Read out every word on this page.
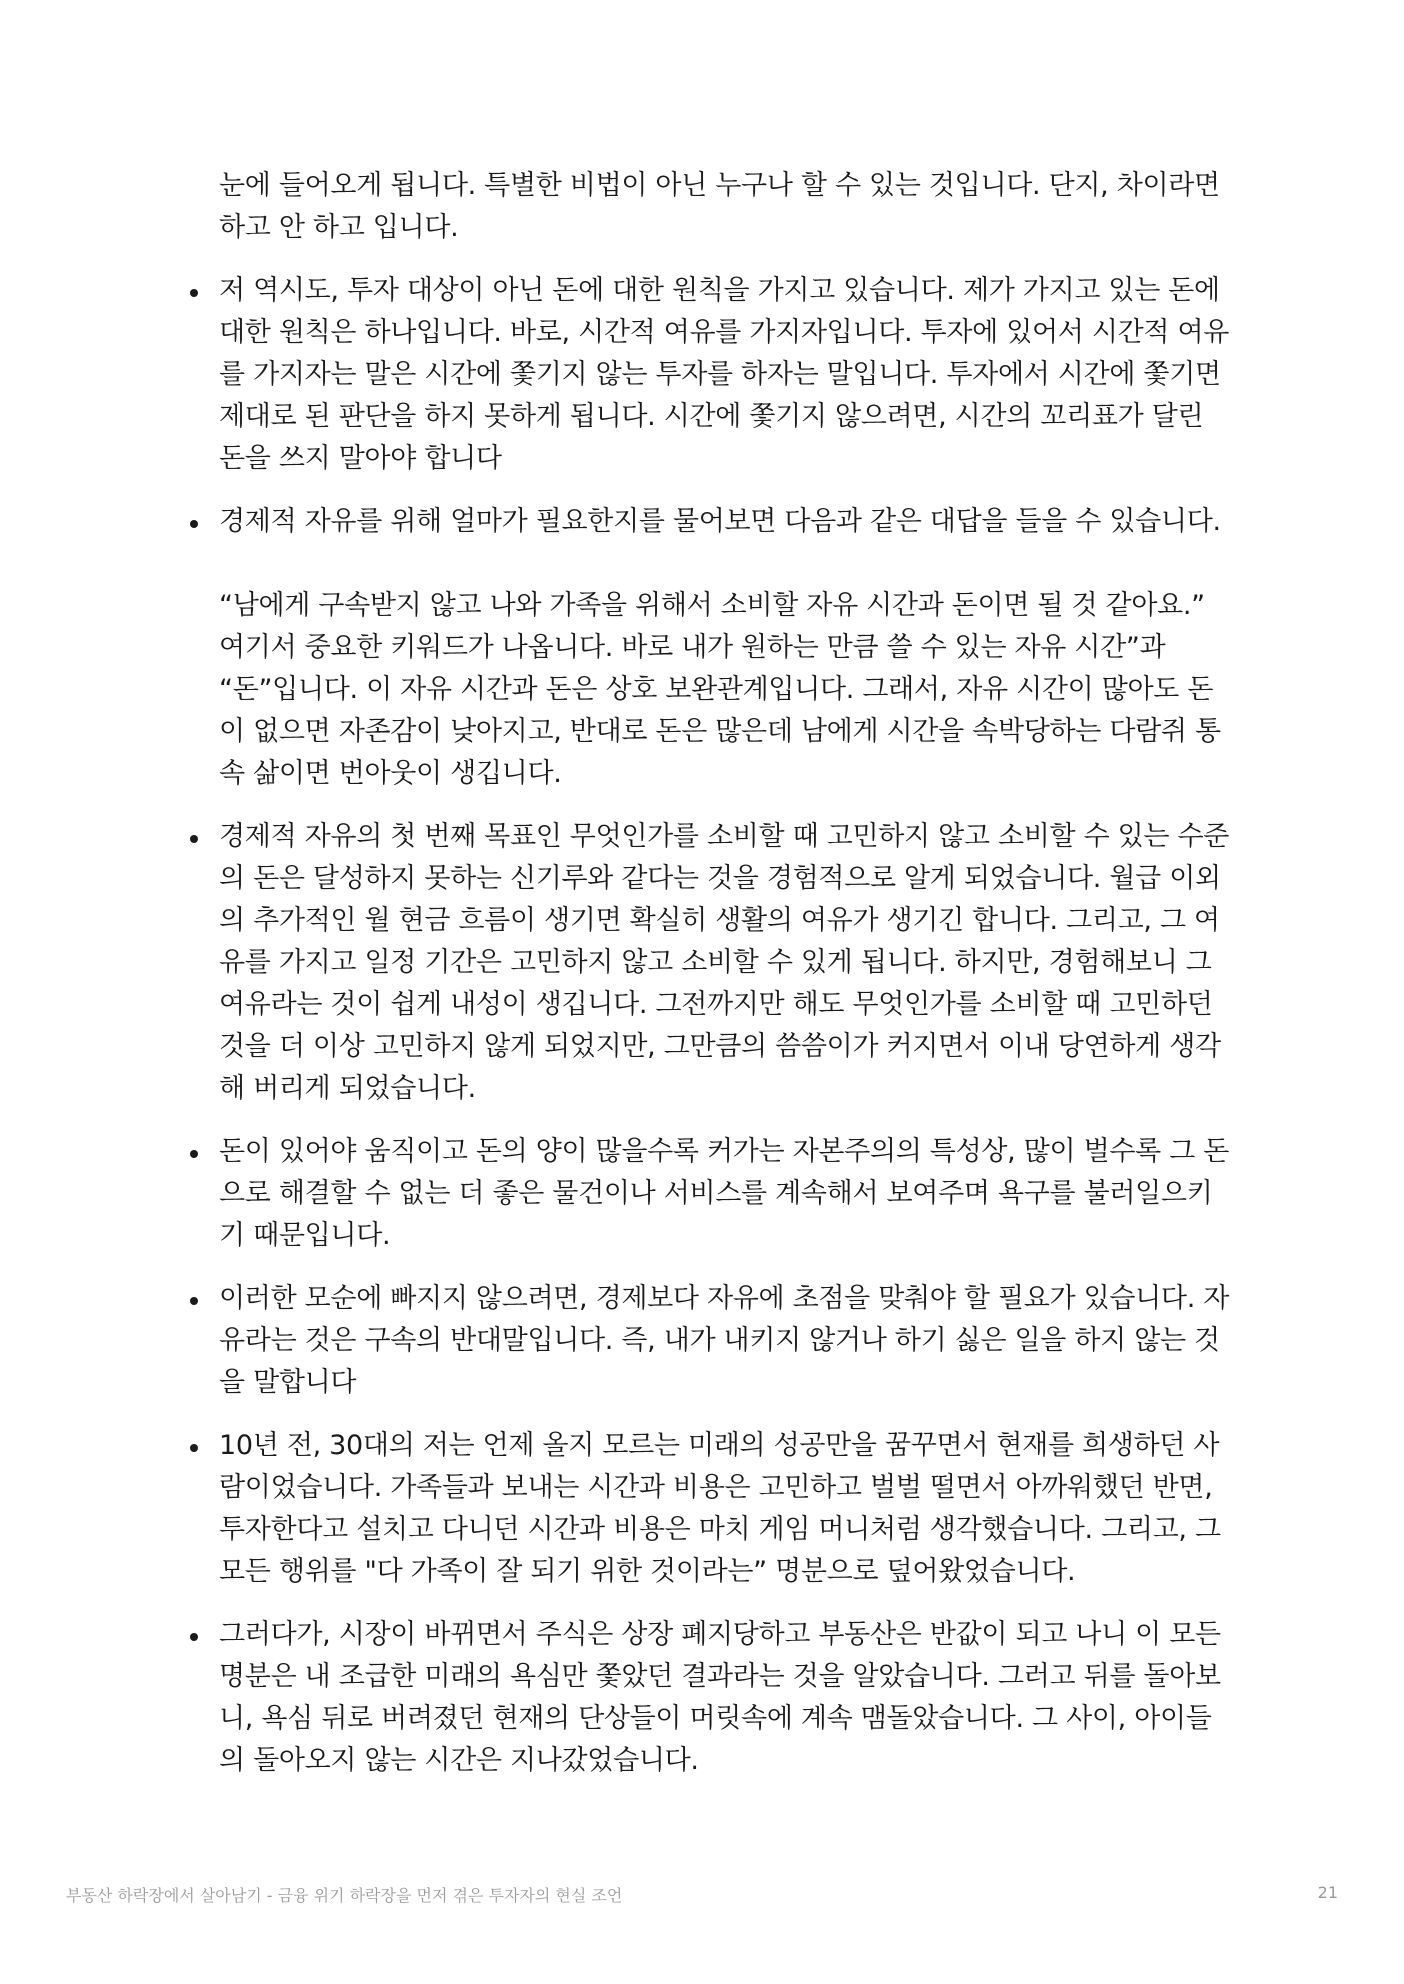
눈에 들어오게 됩니다. 특별한 비법이 아닌 누구나 할 수 있는 것입니다. 단지, 차이라면
하고 안 하고 입니다.
저 역시도, 투자 대상이 아닌 돈에 대한 원칙을 가지고 있습니다. 제가 가지고 있는 돈에
대한 원칙은 하나입니다. 바로, 시간적 여유를 가지자입니다. 투자에 있어서 시간적 여유
를 가지자는 말은 시간에 쫓기지 않는 투자를 하자는 말입니다. 투자에서 시간에 쫓기면
제대로 된 판단을 하지 못하게 됩니다. 시간에 쫓기지 않으려면, 시간의 꼬리표가 달린
돈을 쓰지 말아야 합니다
경제적 자유를 위해 얼마가 필요한지를 물어보면 다음과 같은 대답을 들을 수 있습니다.
“남에게 구속받지 않고 나와 가족을 위해서 소비할 자유 시간과 돈이면 될 것 같아요.”
여기서 중요한 키워드가 나옵니다. 바로 내가 원하는 만큼 쓸 수 있는 자유 시간”과
“돈”입니다. 이 자유 시간과 돈은 상호 보완관계입니다. 그래서, 자유 시간이 많아도 돈
이 없으면 자존감이 낮아지고, 반대로 돈은 많은데 남에게 시간을 속박당하는 다람쥐 통
속 삶이면 번아웃이 생깁니다.
경제적 자유의 첫 번째 목표인 무엇인가를 소비할 때 고민하지 않고 소비할 수 있는 수준
의 돈은 달성하지 못하는 신기루와 같다는 것을 경험적으로 알게 되었습니다. 월급 이외
의 추가적인 월 현금 흐름이 생기면 확실히 생활의 여유가 생기긴 합니다. 그리고, 그 여
유를 가지고 일정 기간은 고민하지 않고 소비할 수 있게 됩니다. 하지만, 경험해보니 그
여유라는 것이 쉽게 내성이 생깁니다. 그전까지만 해도 무엇인가를 소비할 때 고민하던
것을 더 이상 고민하지 않게 되었지만, 그만큼의 씀씀이가 커지면서 이내 당연하게 생각
해 버리게 되었습니다.
돈이 있어야 움직이고 돈의 양이 많을수록 커가는 자본주의의 특성상, 많이 벌수록 그 돈
으로 해결할 수 없는 더 좋은 물건이나 서비스를 계속해서 보여주며 욕구를 불러일으키
기 때문입니다.
이러한 모순에 빠지지 않으려면, 경제보다 자유에 초점을 맞춰야 할 필요가 있습니다. 자
유라는 것은 구속의 반대말입니다. 즉, 내가 내키지 않거나 하기 싫은 일을 하지 않는 것
을 말합니다
10년 전, 30대의 저는 언제 올지 모르는 미래의 성공만을 꿈꾸면서 현재를 희생하던 사
람이었습니다. 가족들과 보내는 시간과 비용은 고민하고 벌벌 떨면서 아까워했던 반면,
투자한다고 설치고 다니던 시간과 비용은 마치 게임 머니처럼 생각했습니다. 그리고, 그
모든 행위를 "다 가족이 잘 되기 위한 것이라는” 명분으로 덮어왔었습니다.
그러다가, 시장이 바뀌면서 주식은 상장 폐지당하고 부동산은 반값이 되고 나니 이 모든
명분은 내 조급한 미래의 욕심만 쫓았던 결과라는 것을 알았습니다. 그러고 뒤를 돌아보
니, 욕심 뒤로 버려졌던 현재의 단상들이 머릿속에 계속 맴돌았습니다. 그 사이, 아이들
의 돌아오지 않는 시간은 지나갔었습니다.
부동산 하락장에서 살아남기 - 금융 위기 하락장을 먼저 겪은 투자자의 현실 조언	21
